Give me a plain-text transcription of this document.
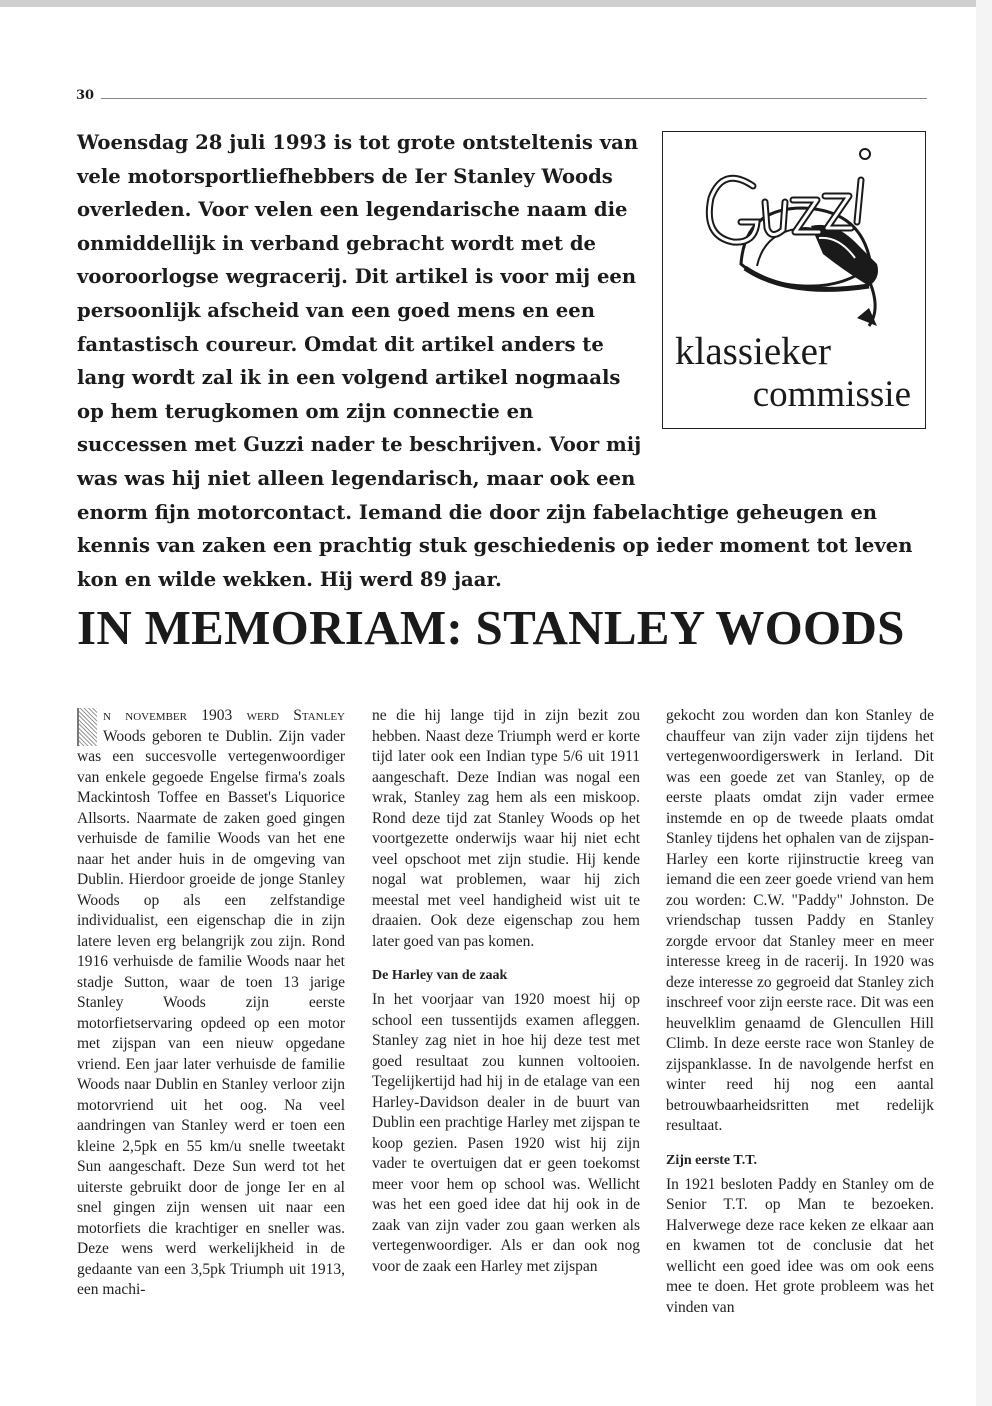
30

Woensdag 28 juli 1993 is tot grote ontsteltenis van vele motorsportliefhebbers de Ier Stanley Woods overleden. Voor velen een legendarische naam die onmiddellijk in verband gebracht wordt met de vooroorlogse wegracerij. Dit artikel is voor mij een persoonlijk afscheid van een goed mens en een fantastisch coureur. Omdat dit artikel anders te lang wordt zal ik in een volgend artikel nogmaals op hem terugkomen om zijn connectie en successen met Guzzi nader te beschrijven. Voor mij was was hij niet alleen legendarisch, maar ook een enorm fijn motorcontact. Iemand die door zijn fabelachtige geheugen en kennis van zaken een prachtig stuk geschiedenis op ieder moment tot leven kon en wilde wekken. Hij werd 89 jaar.

klassieker
commissie
IN MEMORIAM: STANLEY WOODS

n november 1903 werd Stanley Woods geboren te Dublin. Zijn vader was een succesvolle vertegenwoordiger van enkele gegoede Engelse firma's zoals Mackintosh Toffee en Basset's Liquorice Allsorts. Naarmate de zaken goed gingen verhuisde de familie Woods van het ene naar het ander huis in de omgeving van Dublin. Hierdoor groeide de jonge Stanley Woods op als een zelfstandige individualist, een eigenschap die in zijn latere leven erg belangrijk zou zijn. Rond 1916 verhuisde de familie Woods naar het stadje Sutton, waar de toen 13 jarige Stanley Woods zijn eerste motorfietservaring opdeed op een motor met zijspan van een nieuw opgedane vriend. Een jaar later verhuisde de familie Woods naar Dublin en Stanley verloor zijn motorvriend uit het oog. Na veel aandringen van Stanley werd er toen een kleine 2,5pk en 55 km/u snelle tweetakt Sun aangeschaft. Deze Sun werd tot het uiterste gebruikt door de jonge Ier en al snel gingen zijn wensen uit naar een motorfiets die krachtiger en sneller was. Deze wens werd werkelijkheid in de gedaante van een 3,5pk Triumph uit 1913, een machi-

ne die hij lange tijd in zijn bezit zou hebben. Naast deze Triumph werd er korte tijd later ook een Indian type 5/6 uit 1911 aangeschaft. Deze Indian was nogal een wrak, Stanley zag hem als een miskoop. Rond deze tijd zat Stanley Woods op het voortgezette onderwijs waar hij niet echt veel opschoot met zijn studie. Hij kende nogal wat problemen, waar hij zich meestal met veel handigheid wist uit te draaien. Ook deze eigenschap zou hem later goed van pas komen.

De Harley van de zaak

In het voorjaar van 1920 moest hij op school een tussentijds examen afleggen. Stanley zag niet in hoe hij deze test met goed resultaat zou kunnen voltooien. Tegelijkertijd had hij in de etalage van een Harley-Davidson dealer in de buurt van Dublin een prachtige Harley met zijspan te koop gezien. Pasen 1920 wist hij zijn vader te overtuigen dat er geen toekomst meer voor hem op school was. Wellicht was het een goed idee dat hij ook in de zaak van zijn vader zou gaan werken als vertegenwoordiger. Als er dan ook nog voor de zaak een Harley met zijspan

gekocht zou worden dan kon Stanley de chauffeur van zijn vader zijn tijdens het vertegenwoordigerswerk in Ierland. Dit was een goede zet van Stanley, op de eerste plaats omdat zijn vader ermee instemde en op de tweede plaats omdat Stanley tijdens het ophalen van de zijspan-Harley een korte rijinstructie kreeg van iemand die een zeer goede vriend van hem zou worden: C.W. "Paddy" Johnston. De vriendschap tussen Paddy en Stanley zorgde ervoor dat Stanley meer en meer interesse kreeg in de racerij. In 1920 was deze interesse zo gegroeid dat Stanley zich inschreef voor zijn eerste race. Dit was een heuvelklim genaamd de Glencullen Hill Climb. In deze eerste race won Stanley de zijspanklasse. In de navolgende herfst en winter reed hij nog een aantal betrouwbaarheidsritten met redelijk resultaat.

Zijn eerste T.T.

In 1921 besloten Paddy en Stanley om de Senior T.T. op Man te bezoeken. Halverwege deze race keken ze elkaar aan en kwamen tot de conclusie dat het wellicht een goed idee was om ook eens mee te doen. Het grote probleem was het vinden van
